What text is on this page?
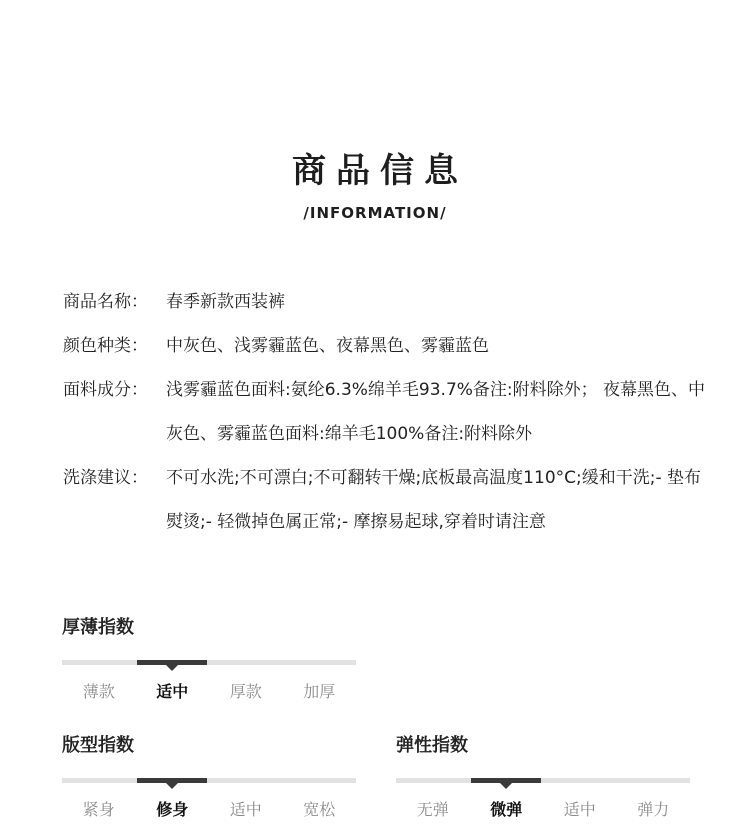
商品信息
/INFORMATION/
商品名称：	春季新款西装裤
颜色种类：	中灰色、浅雾霾蓝色、夜幕黑色、雾霾蓝色
面料成分：	浅雾霾蓝色面料:氨纶6.3%绵羊毛93.7%备注:附料除外； 夜幕黑色、中灰色、雾霾蓝色面料:绵羊毛100%备注:附料除外
洗涤建议：	不可水洗;不可漂白;不可翻转干燥;底板最高温度110°C;缓和干洗;- 垫布熨烫;- 轻微掉色属正常;- 摩擦易起球,穿着时请注意
厚薄指数
薄款	适中	厚款	加厚
版型指数
紧身	修身	适中	宽松
弹性指数
无弹	微弹	适中	弹力
